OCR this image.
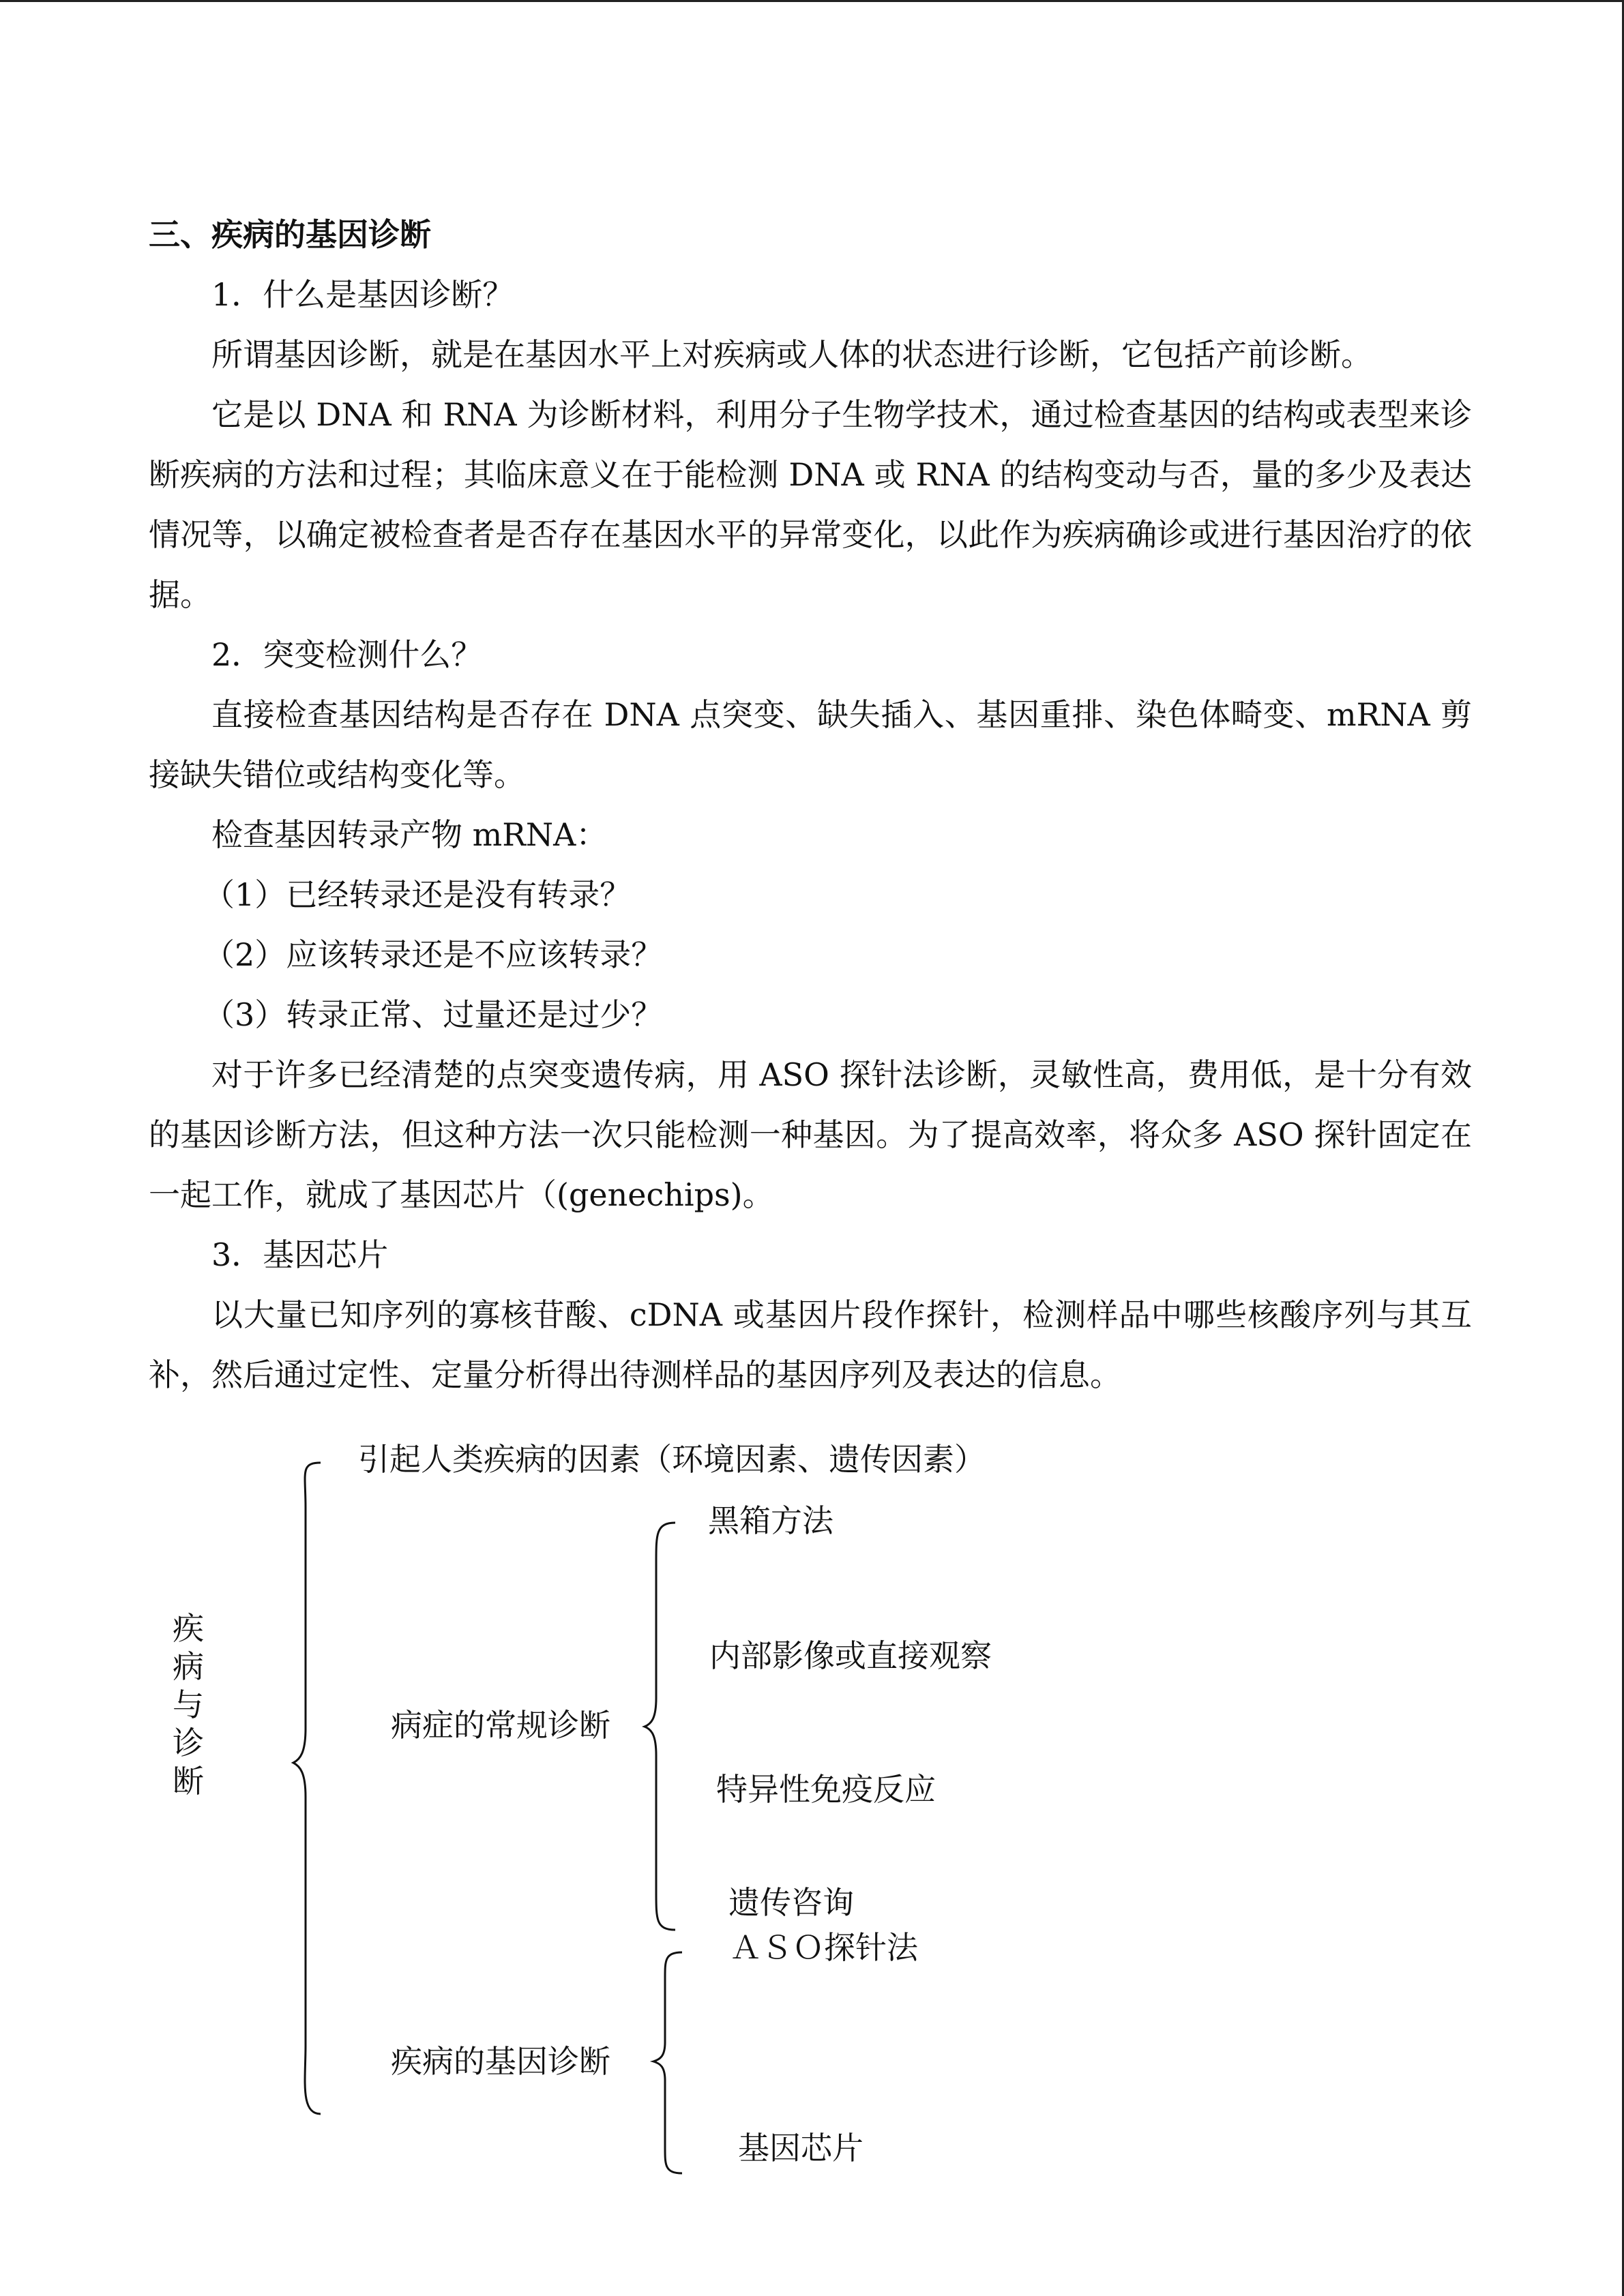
三、疾病的基因诊断

1．什么是基因诊断？

所谓基因诊断，就是在基因水平上对疾病或人体的状态进行诊断，它包括产前诊断。

它是以 DNA 和 RNA 为诊断材料，利用分子生物学技术，通过检查基因的结构或表型来诊断疾病的方法和过程；其临床意义在于能检测 DNA 或 RNA 的结构变动与否，量的多少及表达情况等，以确定被检查者是否存在基因水平的异常变化，以此作为疾病确诊或进行基因治疗的依据。

2．突变检测什么？

直接检查基因结构是否存在 DNA 点突变、缺失插入、基因重排、染色体畸变、mRNA 剪接缺失错位或结构变化等。

检查基因转录产物 mRNA：

（1）已经转录还是没有转录？

（2）应该转录还是不应该转录？

（3）转录正常、过量还是过少？

对于许多已经清楚的点突变遗传病，用 ASO 探针法诊断，灵敏性高，费用低，是十分有效的基因诊断方法，但这种方法一次只能检测一种基因。为了提高效率，将众多 ASO 探针固定在一起工作，就成了基因芯片（(genechips)。

3．基因芯片

以大量已知序列的寡核苷酸、cDNA 或基因片段作探针，检测样品中哪些核酸序列与其互补，然后通过定性、定量分析得出待测样品的基因序列及表达的信息。

疾病与诊断
引起人类疾病的因素（环境因素、遗传因素）
病症的常规诊断
黑箱方法
内部影像或直接观察
特异性免疫反应
遗传咨询
疾病的基因诊断
ＡＳＯ探针法
基因芯片
